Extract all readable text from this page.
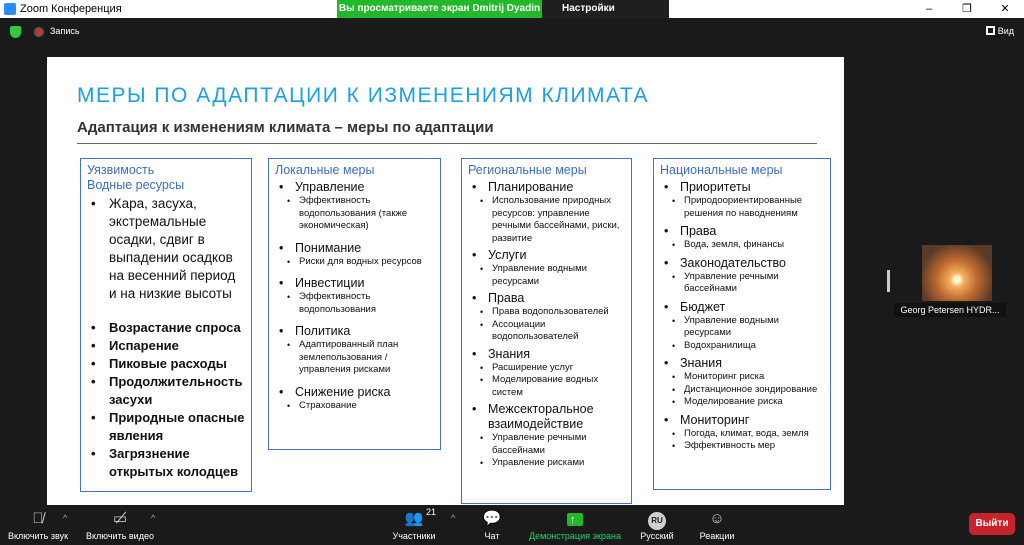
Zoom Конференция	Вы просматриваете экран Dmitrij Dyadin	Настройки	–	❐	✕
Запись	Вид
МЕРЫ ПО АДАПТАЦИИ К ИЗМЕНЕНИЯМ КЛИМАТА
Адаптация к изменениям климата – меры по адаптации
Уязвимость
Водные ресурсы
• Жара, засуха, экстремальные осадки, сдвиг в выпадении осадков на весенний период и на низкие высоты
• Возрастание спроса
• Испарение
• Пиковые расходы
• Продолжительность засухи
• Природные опасные явления
• Загрязнение открытых колодцев
Локальные меры
• Управление
• Эффективность водопользования (также экономическая)
• Понимание
• Риски для водных ресурсов
• Инвестиции
• Эффективность водопользования
• Политика
• Адаптированный план землепользования / управления рисками
• Снижение риска
• Страхование
Региональные меры
• Планирование
• Использование природных ресурсов: управление речными бассейнами, риски, развитие
• Услуги
• Управление водными ресурсами
• Права
• Права водопользователей
• Ассоциации водопользователей
• Знания
• Расширение услуг
• Моделирование водных систем
• Межсекторальное взаимодействие
• Управление речными бассейнами
• Управление рисками
Национальные меры
• Приоритеты
• Природоориентированные решения по наводнениям
• Права
• Вода, земля, финансы
• Законодательство
• Управление речными бассейнами
• Бюджет
• Управление водными ресурсами
• Водохранилища
• Знания
• Мониторинг риска
• Дистанционное зондирование
• Моделирование риска
• Мониторинг
• Погода, климат, вода, земля
• Эффективность мер
Georg Petersen HYDR...
🎙̸
Включить звук
^	▭̸
Включить видео
^	👥
Участники
21
^	💬
Чат
↑	Демонстрация экрана
RU
Русский
☺
Реакции
Выйти
